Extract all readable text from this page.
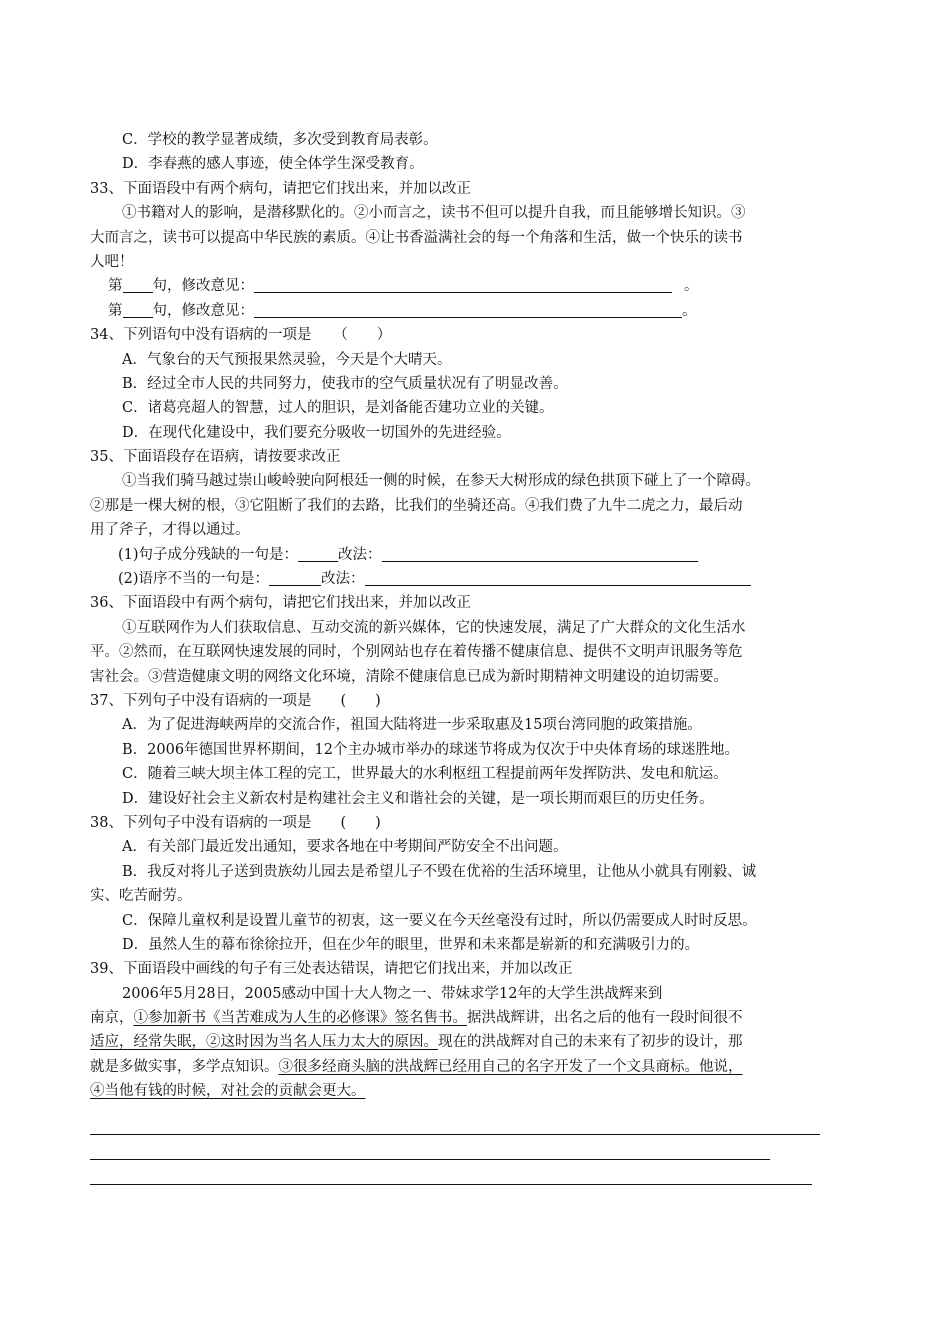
C．学校的教学显著成绩，多次受到教育局表彰。
D．李春燕的感人事迹，使全体学生深受教育。
33、下面语段中有两个病句，请把它们找出来，并加以改正
①书籍对人的影响，是潜移默化的。②小而言之，读书不但可以提升自我，而且能够增长知识。③
大而言之，读书可以提高中华民族的素质。④让书香溢满社会的每一个角落和生活，做一个快乐的读书
人吧！
第 句，修改意见：	。
第 句，修改意见：	。
34、下列语句中没有语病的一项是　　（　　）
A．气象台的天气预报果然灵验，今天是个大晴天。
B．经过全市人民的共同努力，使我市的空气质量状况有了明显改善。
C．诸葛亮超人的智慧，过人的胆识，是刘备能否建功立业的关键。
D．在现代化建设中，我们要充分吸收一切国外的先进经验。
35、下面语段存在语病，请按要求改正
①当我们骑马越过崇山峻岭驶向阿根廷一侧的时候，在参天大树形成的绿色拱顶下碰上了一个障碍。
②那是一棵大树的根，③它阻断了我们的去路，比我们的坐骑还高。④我们费了九牛二虎之力，最后动
用了斧子，才得以通过。
(1)句子成分残缺的一句是：	改法：
(2)语序不当的一句是：	改法：
36、下面语段中有两个病句，请把它们找出来，并加以改正
①互联网作为人们获取信息、互动交流的新兴媒体，它的快速发展，满足了广大群众的文化生活水
平。②然而，在互联网快速发展的同时，个别网站也存在着传播不健康信息、提供不文明声讯服务等危
害社会。③营造健康文明的网络文化环境，清除不健康信息已成为新时期精神文明建设的迫切需要。
37、下列句子中没有语病的一项是　　(　　)
A．为了促进海峡两岸的交流合作，祖国大陆将进一步采取惠及15项台湾同胞的政策措施。
B．2006年德国世界杯期间，12个主办城市举办的球迷节将成为仅次于中央体育场的球迷胜地。
C．随着三峡大坝主体工程的完工，世界最大的水利枢纽工程提前两年发挥防洪、发电和航运。
D．建设好社会主义新农村是构建社会主义和谐社会的关键，是一项长期而艰巨的历史任务。
38、下列句子中没有语病的一项是　　(　　)
A．有关部门最近发出通知，要求各地在中考期间严防安全不出问题。
B．我反对将儿子送到贵族幼儿园去是希望儿子不毁在优裕的生活环境里，让他从小就具有刚毅、诚
实、吃苦耐劳。
C．保障儿童权利是设置儿童节的初衷，这一要义在今天丝毫没有过时，所以仍需要成人时时反思。
D．虽然人生的幕布徐徐拉开，但在少年的眼里，世界和未来都是崭新的和充满吸引力的。
39、下面语段中画线的句子有三处表达错误，请把它们找出来，并加以改正
2006年5月28日，2005感动中国十大人物之一、带妹求学12年的大学生洪战辉来到
南京，①参加新书《当苦难成为人生的必修课》签名售书。据洪战辉讲，出名之后的他有一段时间很不
适应，经常失眠，②这时因为当名人压力太大的原因。现在的洪战辉对自己的未来有了初步的设计，那
就是多做实事，多学点知识。③很多经商头脑的洪战辉已经用自己的名字开发了一个文具商标。他说，
④当他有钱的时候，对社会的贡献会更大。
